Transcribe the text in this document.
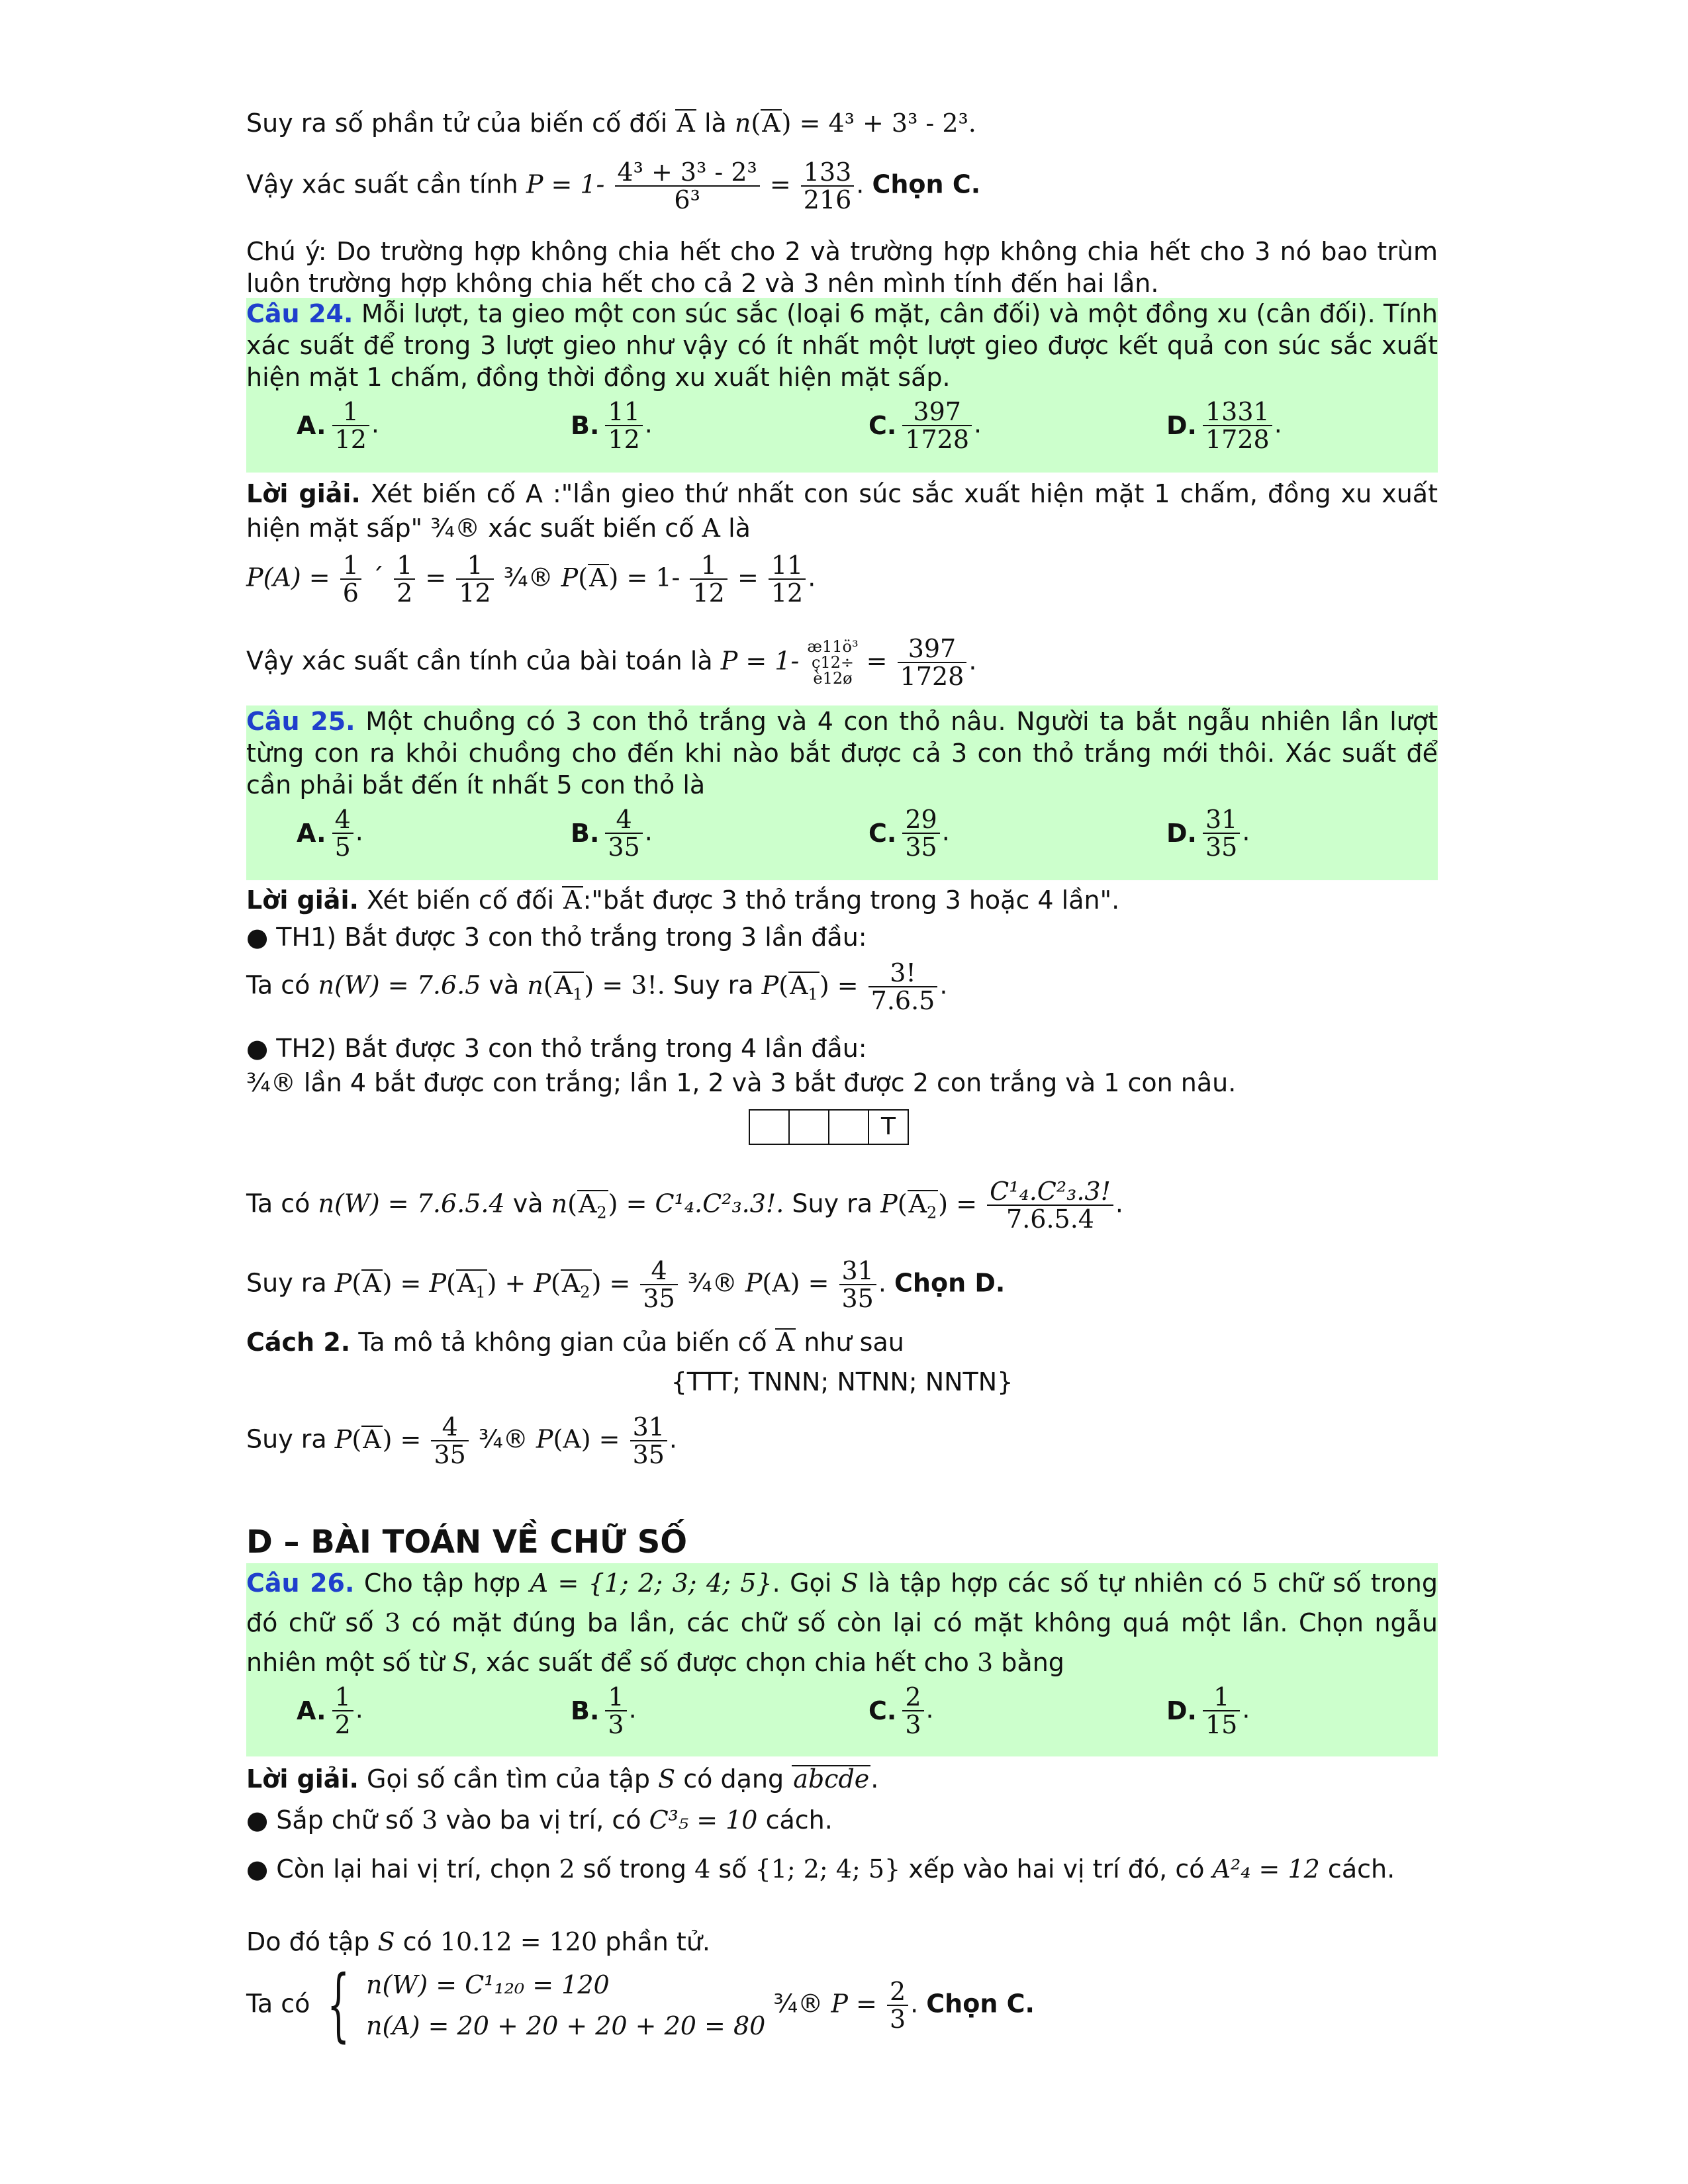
Suy ra số phần tử của biến cố đối A là n(A) = 4³ + 3³ - 2³.
Vậy xác suất cần tính $P = 1- \frac{\text{4³ + 3³ - 2³}}{\text{6³}} = \frac{133}{216}$ . Chọn C.
Chú ý: Do trường hợp không chia hết cho 2 và trường hợp không chia hết cho 3 nó bao trùm luôn trường hợp không chia hết cho cả 2 và 3 nên mình tính đến hai lần.
Câu 24. Mỗi lượt, ta gieo một con súc sắc (loại 6 mặt, cân đối) và một đồng xu (cân đối). Tính xác suất để trong 3 lượt gieo như vậy có ít nhất một lượt gieo được kết quả con súc sắc xuất hiện mặt 1 chấm, đồng thời đồng xu xuất hiện mặt sấp.
A. $\frac{1}{12}$ .	B. $\frac{11}{12}$ .	C. $\frac{397}{1728}$ .	D. $\frac{1331}{1728}$ .
Lời giải. Xét biến cố A :"lần gieo thứ nhất con súc sắc xuất hiện mặt 1 chấm, đồng xu xuất hiện mặt sấp" ¾® xác suất biến cố A là
$P(A) = \frac{1}{6}$ ´ $\frac{1}{2} = \frac{1}{12}$ ¾® $P(A) = 1- \frac{1}{12} = \frac{11}{12}$ .
Vậy xác suất cần tính của bài toán là P = 1- æ11ö³
ç12÷
è12ø
= $\frac{397}{1728}$ .
Câu 25. Một chuồng có 3 con thỏ trắng và 4 con thỏ nâu. Người ta bắt ngẫu nhiên lần lượt từng con ra khỏi chuồng cho đến khi nào bắt được cả 3 con thỏ trắng mới thôi. Xác suất để cần phải bắt đến ít nhất 5 con thỏ là
A. $\frac{4}{5}$ .	B. $\frac{4}{35}$ .	C. $\frac{29}{35}$ .	D. $\frac{31}{35}$ .
Lời giải. Xét biến cố đối A:"bắt được 3 thỏ trắng trong 3 hoặc 4 lần".
● TH1) Bắt được 3 con thỏ trắng trong 3 lần đầu:
Ta có n(W) = 7.6.5 và $n(A_1) = 3$!. Suy ra $P(A_1) = \frac{3!}{7.6.5}$ .
● TH2) Bắt được 3 con thỏ trắng trong 4 lần đầu:
¾® lần 4 bắt được con trắng; lần 1, 2 và 3 bắt được 2 con trắng và 1 con nâu.
T
Ta có n(W) = 7.6.5.4 và $n(A_2) = C^1_4.C^2_3.3$!. Suy ra $P(A_2) = \frac{\text{C¹₄.C²₃.3!}}{7.6.5.4}$ .
Suy ra $P(A) = P(A_1) + P(A_2) = \frac{4}{35}$ ¾® $P(A) = \frac{31}{35}$ . Chọn D.
Cách 2. Ta mô tả không gian của biến cố A như sau
{TTT; TNNN; NTNN; NNTN}
Suy ra $P(A) = \frac{4}{35}$ ¾® $P(A) = \frac{31}{35}$ .
D – BÀI TOÁN VỀ CHỮ SỐ
Câu 26. Cho tập hợp A = {1; 2; 3; 4; 5}. Gọi S là tập hợp các số tự nhiên có 5 chữ số trong đó chữ số 3 có mặt đúng ba lần, các chữ số còn lại có mặt không quá một lần. Chọn ngẫu nhiên một số từ S, xác suất để số được chọn chia hết cho 3 bằng
A. $\frac{1}{2}$ .	B. $\frac{1}{3}$ .	C. $\frac{2}{3}$ .	D. $\frac{1}{15}$ .
Lời giải. Gọi số cần tìm của tập S có dạng abcde.
● Sắp chữ số 3 vào ba vị trí, có C³₅ = 10 cách.
● Còn lại hai vị trí, chọn 2 số trong 4 số {1; 2; 4; 5} xếp vào hai vị trí đó, có A²₄ = 12 cách.
Do đó tập S có 10.12 = 120 phần tử.
Ta có { n(W) = C¹₁₂₀ = 120
n(A) = 20 + 20 + 20 + 20 = 80
¾® $P = \frac{2}{3}$ . Chọn C.
